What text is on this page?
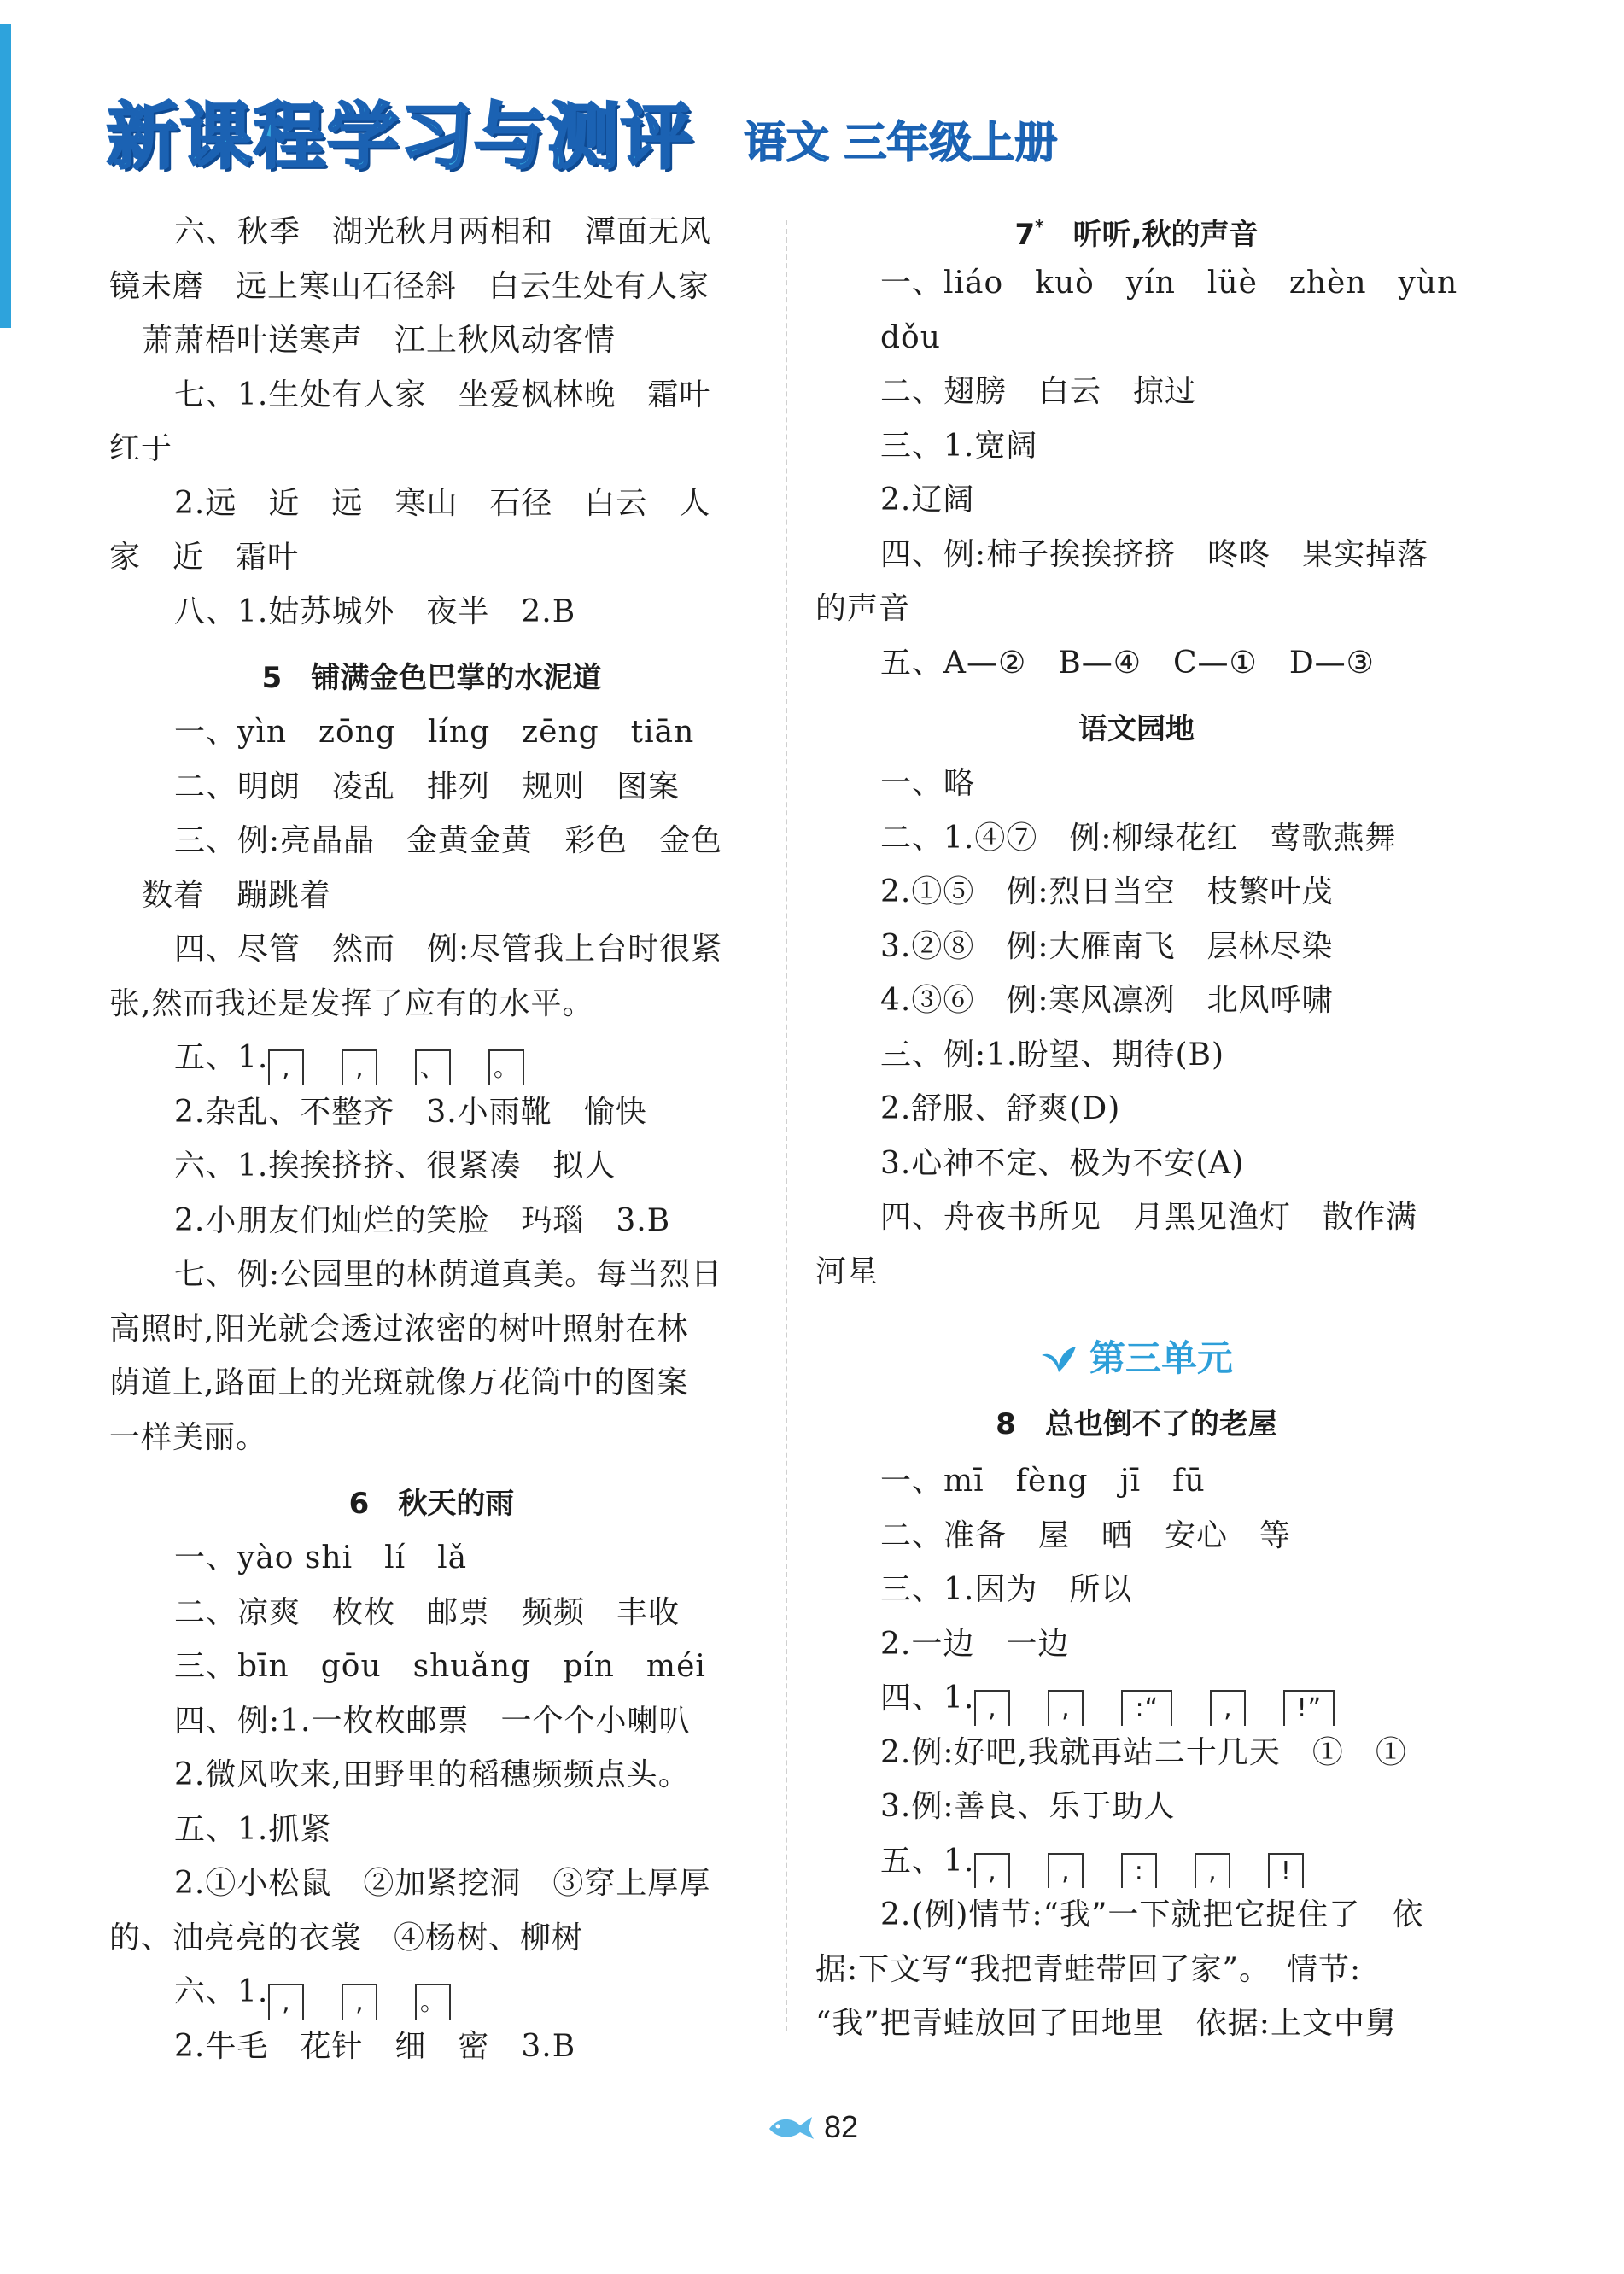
新课程学习与测评 语文 三年级上册
六、秋季　湖光秋月两相和　潭面无风
镜未磨　远上寒山石径斜　白云生处有人家
萧萧梧叶送寒声　江上秋风动客情
七、1.生处有人家　坐爱枫林晚　霜叶
红于
2.远　近　远　寒山　石径　白云　人
家　近　霜叶
八、1.姑苏城外　夜半　2.B
5　铺满金色巴掌的水泥道
一、yìn　zōng　líng　zēng　tiān
二、明朗　凌乱　排列　规则　图案
三、例:亮晶晶　金黄金黄　彩色　金色
数着　蹦跳着
四、尽管　然而　例:尽管我上台时很紧
张,然而我还是发挥了应有的水平。
五、1. ,	, 、 。
2.杂乱、不整齐　3.小雨靴　愉快
六、1.挨挨挤挤、很紧凑　拟人
2.小朋友们灿烂的笑脸　玛瑙　3.B
七、例:公园里的林荫道真美。每当烈日
高照时,阳光就会透过浓密的树叶照射在林
荫道上,路面上的光斑就像万花筒中的图案
一样美丽。
6　秋天的雨
一、yào shi　lí　lǎ
二、凉爽　枚枚　邮票　频频　丰收
三、bīn　gōu　shuǎng　pín　méi
四、例:1.一枚枚邮票　一个个小喇叭
2.微风吹来,田野里的稻穗频频点头。
五、1.抓紧
2.①小松鼠　②加紧挖洞　③穿上厚厚
的、油亮亮的衣裳　④杨树、柳树
六、1. ,	, 。
2.牛毛　花针　细　密　3.B
7*　 听听,秋的声音
一、liáo　kuò　yín　lüè　zhèn　yùn
dǒu
二、翅膀　白云　掠过
三、1.宽阔
2.辽阔
四、例:柿子挨挨挤挤　咚咚　果实掉落
的声音
五、A—②　B—④　C—①　D—③
语文园地
一、略
二、1.④⑦　例:柳绿花红　莺歌燕舞
2.①⑤　例:烈日当空　枝繁叶茂
3.②⑧　例:大雁南飞　层林尽染
4.③⑥　例:寒风凛冽　北风呼啸
三、例:1.盼望、期待(B)
2.舒服、舒爽(D)
3.心神不定、极为不安(A)
四、舟夜书所见　月黑见渔灯　散作满
河星
第三单元
8　总也倒不了的老屋
一、mī　fèng　jī　fū
二、准备　屋　晒　安心　等
三、1.因为　所以
2.一边　一边
四、1. ,	,	:“	, !”
2.例:好吧,我就再站二十几天　①　①
3.例:善良、乐于助人
五、1. ,	,	:	, !
2.(例)情节:“我”一下就把它捉住了　依
据:下文写“我把青蛙带回了家”。　情节:
“我”把青蛙放回了田地里　依据:上文中舅
82
